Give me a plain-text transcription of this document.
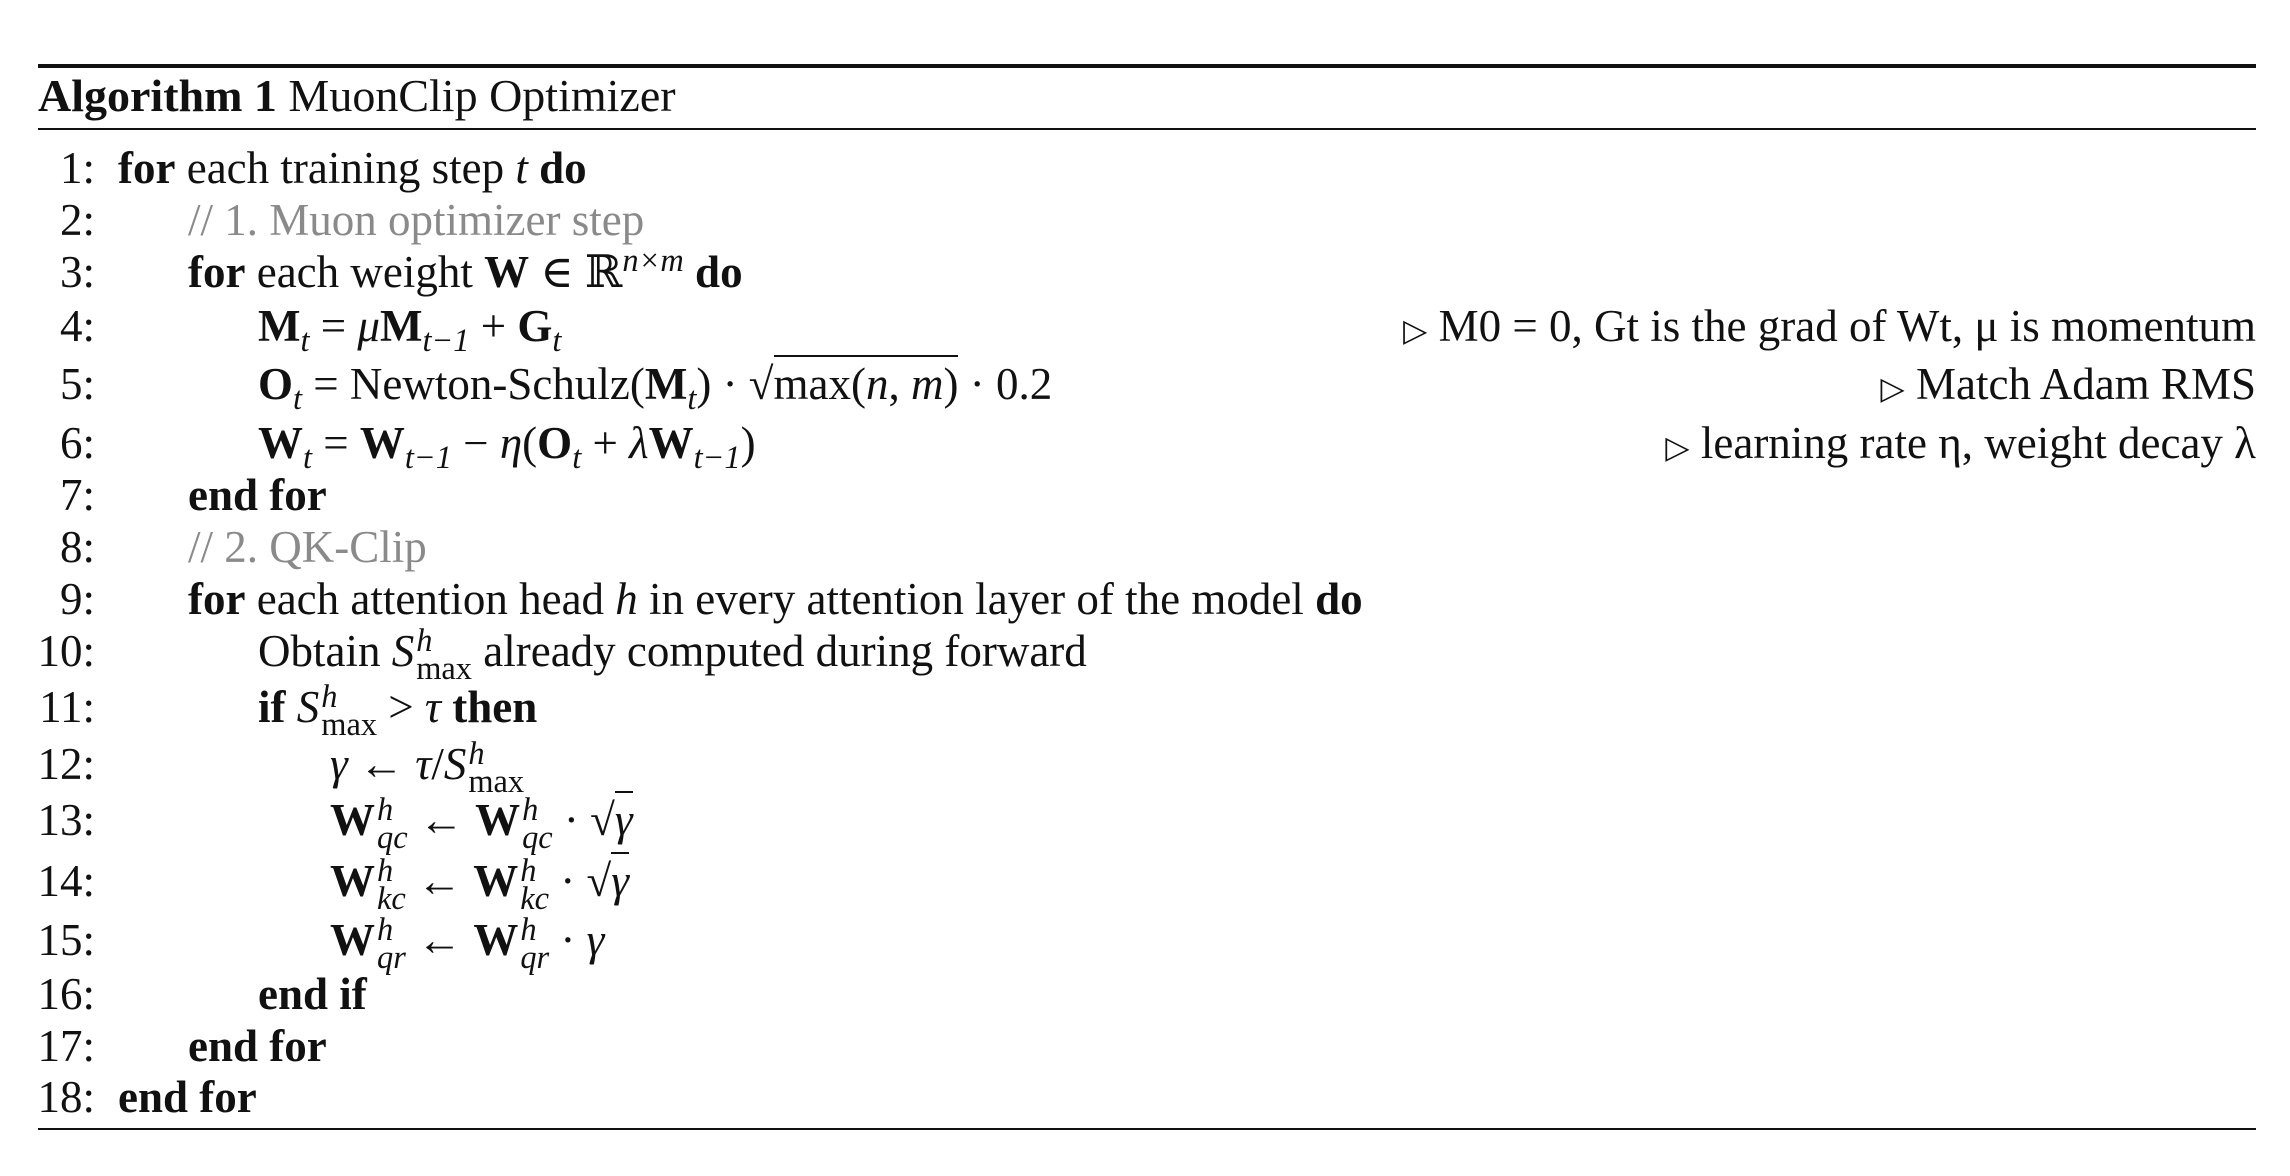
Algorithm 1 MuonClip Optimizer
1: for each training step t do
2: // 1. Muon optimizer step
3: for each weight W ∈ ℝ$^{n\times m}$ do
4:	$M_t = \mu M_{t-1} + G_t$	▷ M0 = 0, Gt is the grad of Wt, μ is momentum
5:	$O_t$ = Newton-$Schulz(M_t) \cdot √\max(n$, m) · 0.2	▷ Match Adam RMS
6:	$W_t = W_{t-1} - \eta(O_t + \lambda W_{t-1})$	▷ learning rate η, weight decay λ
7: end for
8: // 2. QK-Clip
9: for each attention head h in every attention layer of the model do
10:	Obtain S h
max already computed during forward
11:	if S h
max > τ then
12:	γ ← τ/S h
max
13:	W h
qc ← W h
qc · √γ
14:	W h
kc ← W h
kc · √γ
15:	W h
qr ← W h
qr · γ
16:	end if
17: end for
18: end for
